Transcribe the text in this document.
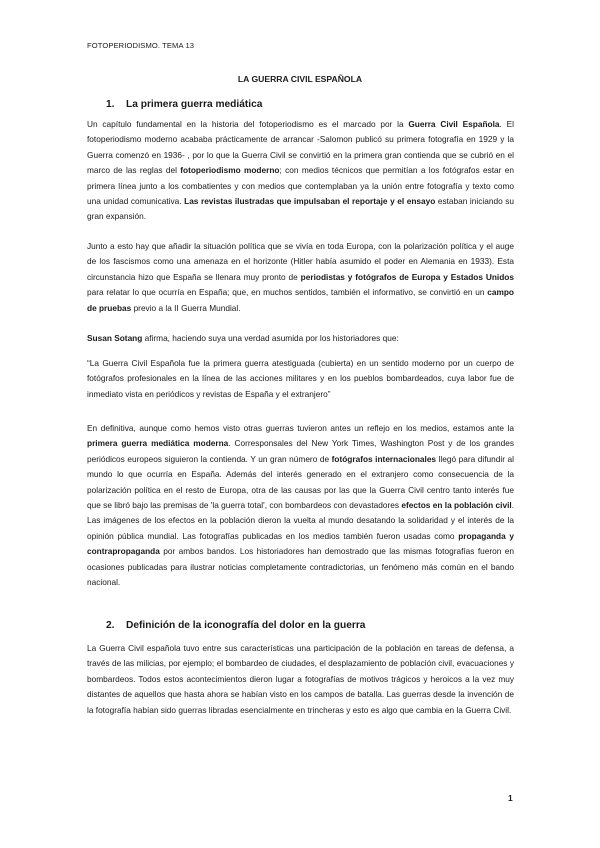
FOTOPERIODISMO. TEMA 13
LA GUERRA CIVIL ESPAÑOLA
1. La primera guerra mediática

Un capítulo fundamental en la historia del fotoperiodismo es el marcado por la Guerra Civil Española. El fotoperiodismo moderno acababa prácticamente de arrancar -Salomon publicó su primera fotografía en 1929 y la Guerra comenzó en 1936- , por lo que la Guerra Civil se convirtió en la primera gran contienda que se cubrió en el marco de las reglas del fotoperiodismo moderno; con medios técnicos que permitían a los fotógrafos estar en primera línea junto a los combatientes y con medios que contemplaban ya la unión entre fotografía y texto como una unidad comunicativa. Las revistas ilustradas que impulsaban el reportaje y el ensayo estaban iniciando su gran expansión.

Junto a esto hay que añadir la situación política que se vivía en toda Europa, con la polarización política y el auge de los fascismos como una amenaza en el horizonte (Hitler había asumido el poder en Alemania en 1933). Esta circunstancia hizo que España se llenara muy pronto de periodistas y fotógrafos de Europa y Estados Unidos para relatar lo que ocurría en España; que, en muchos sentidos, también el informativo, se convirtió en un campo de pruebas previo a la II Guerra Mundial.

Susan Sotang afirma, haciendo suya una verdad asumida por los historiadores que:

“La Guerra Civil Española fue la primera guerra atestiguada (cubierta) en un sentido moderno por un cuerpo de fotógrafos profesionales en la línea de las acciones militares y en los pueblos bombardeados, cuya labor fue de inmediato vista en periódicos y revistas de España y el extranjero”

En definitiva, aunque como hemos visto otras guerras tuvieron antes un reflejo en los medios, estamos ante la primera guerra mediática moderna. Corresponsales del New York Times, Washington Post y de los grandes periódicos europeos siguieron la contienda. Y un gran número de fotógrafos internacionales llegó para difundir al mundo lo que ocurría en España. Además del interés generado en el extranjero como consecuencia de la polarización política en el resto de Europa, otra de las causas por las que la Guerra Civil centro tanto interés fue que se libró bajo las premisas de 'la guerra total', con bombardeos con devastadores efectos en la población civil. Las imágenes de los efectos en la población dieron la vuelta al mundo desatando la solidaridad y el interés de la opinión pública mundial. Las fotografías publicadas en los medios también fueron usadas como propaganda y contrapropaganda por ambos bandos. Los historiadores han demostrado que las mismas fotografías fueron en ocasiones publicadas para ilustrar noticias completamente contradictorias, un fenómeno más común en el bando nacional.

2. Definición de la iconografía del dolor en la guerra

La Guerra Civil española tuvo entre sus características una participación de la población en tareas de defensa, a través de las milicias, por ejemplo; el bombardeo de ciudades, el desplazamiento de población civil, evacuaciones y bombardeos. Todos estos acontecimientos dieron lugar a fotografías de motivos trágicos y heroicos a la vez muy distantes de aquellos que hasta ahora se habían visto en los campos de batalla. Las guerras desde la invención de la fotografía habían sido guerras libradas esencialmente en trincheras y esto es algo que cambia en la Guerra Civil.

1
